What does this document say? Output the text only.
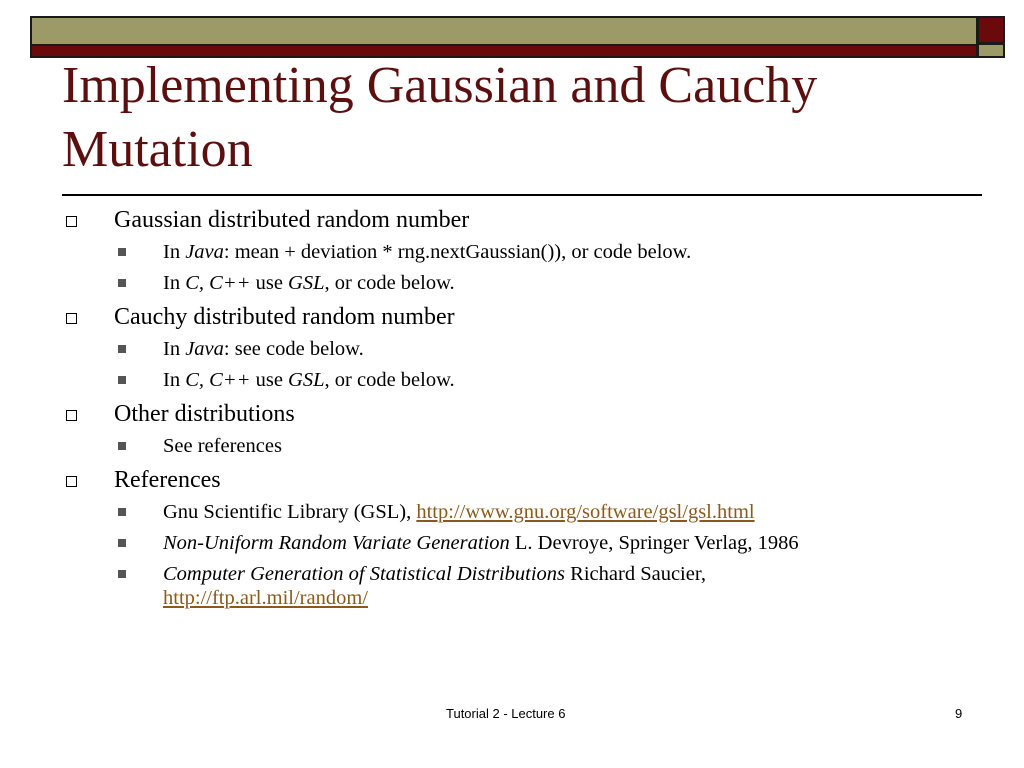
Implementing Gaussian and Cauchy Mutation
Gaussian distributed random number
In Java: mean + deviation * rng.nextGaussian()), or code below.
In C, C++ use GSL, or code below.
Cauchy distributed random number
In Java: see code below.
In C, C++ use GSL, or code below.
Other distributions
See references
References
Gnu Scientific Library (GSL), http://www.gnu.org/software/gsl/gsl.html
Non-Uniform Random Variate Generation L. Devroye, Springer Verlag, 1986
Computer Generation of Statistical Distributions Richard Saucier,
http://ftp.arl.mil/random/
Tutorial 2 - Lecture 6	9
